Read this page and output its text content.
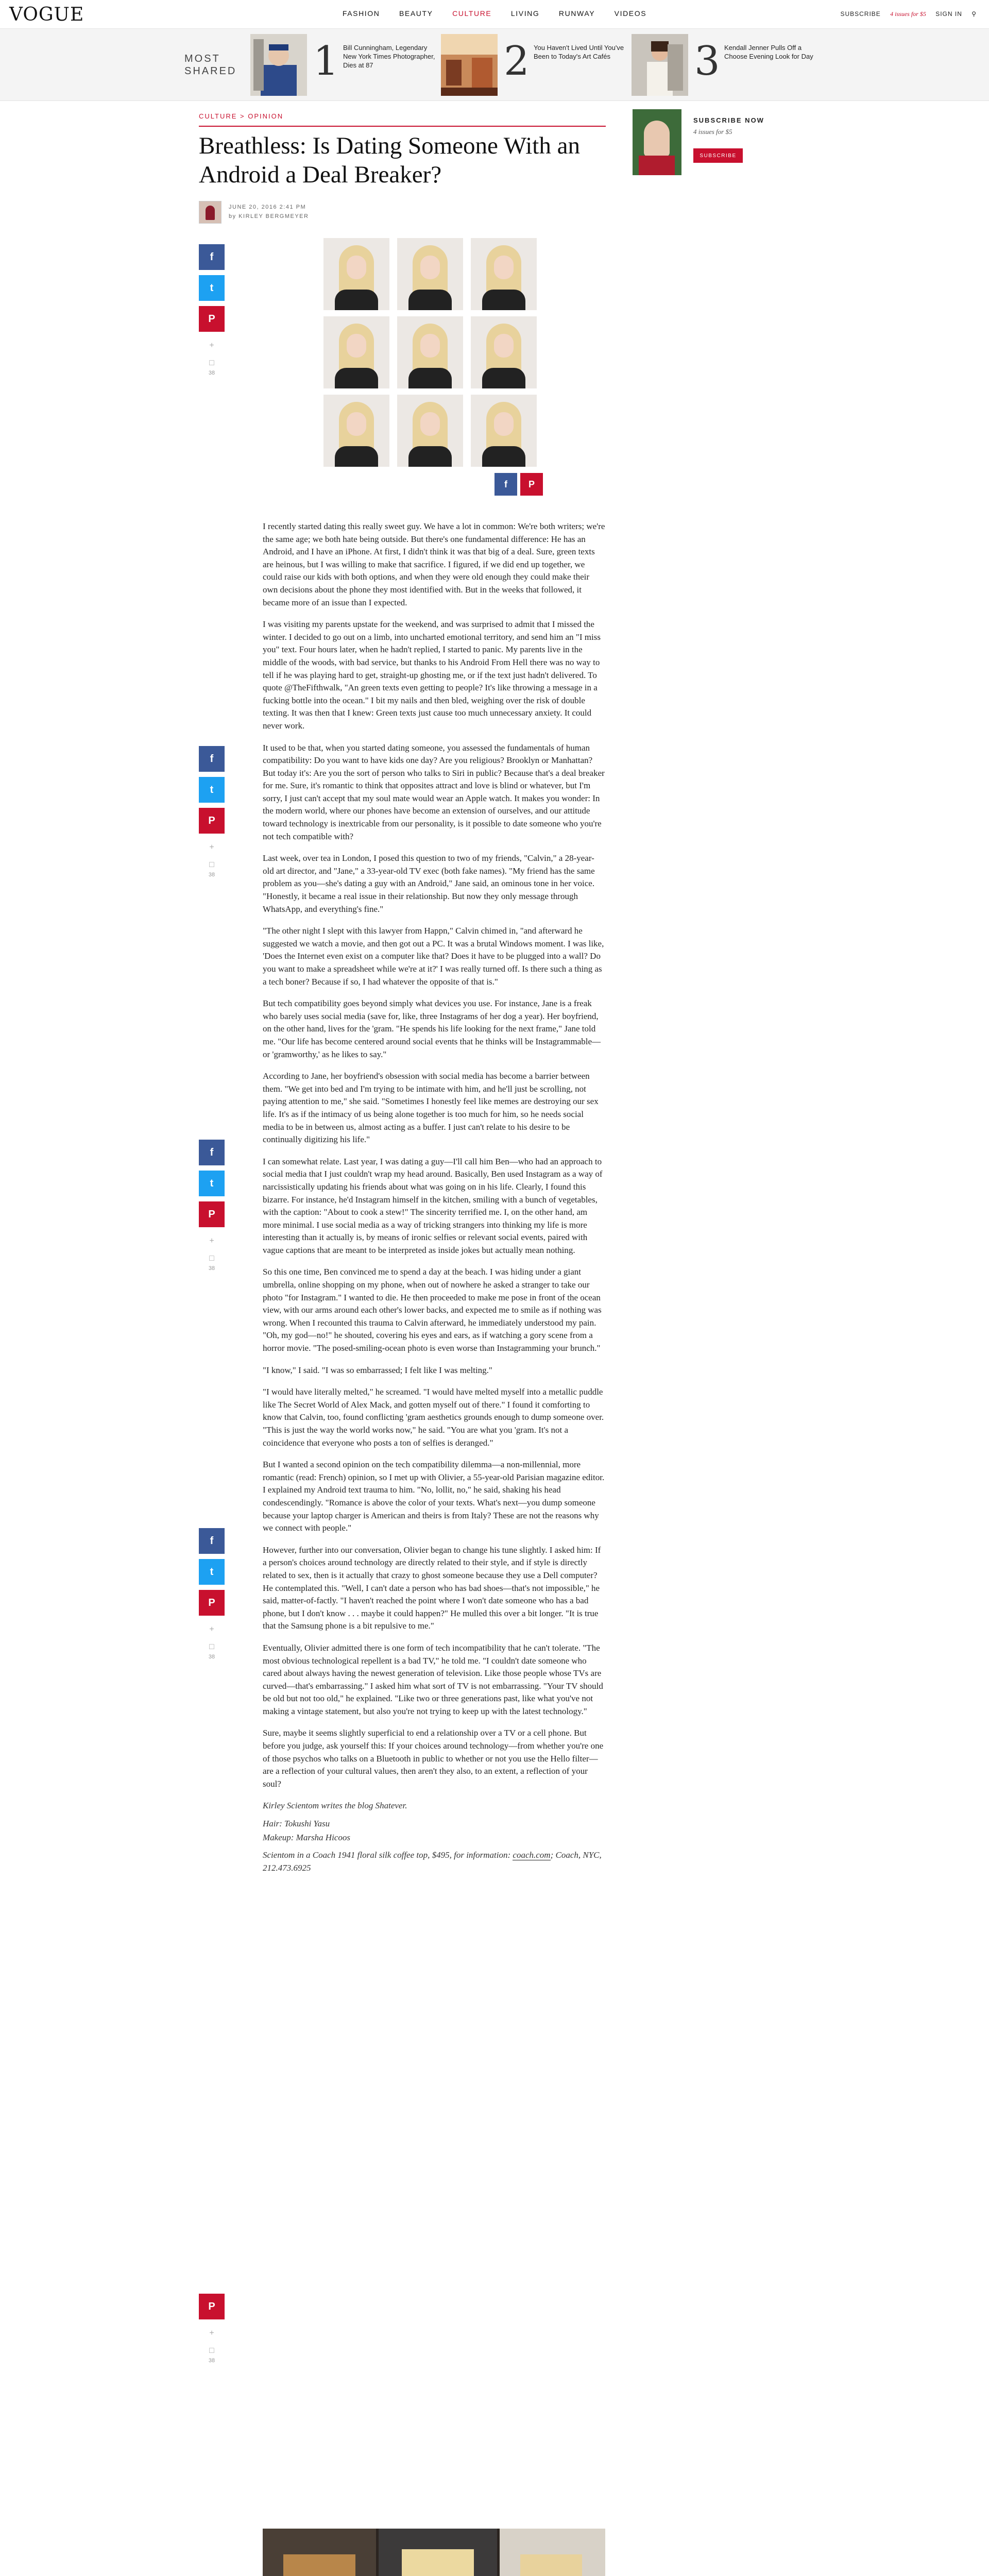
VOGUE	FASHION	BEAUTY	CULTURE	LIVING	RUNWAY	VIDEOS	SUBSCRIBE 4 issues for $5 SIGN IN ⚲
MOST
SHARED 1 Bill Cunningham, Legendary New York Times Photographer, Dies at 87	2 You Haven't Lived Until You've Been to Today's Art Cafés	3 Kendall Jenner Pulls Off a Choose Evening Look for Day
CULTURE > OPINION
Breathless: Is Dating Someone With an Android a Deal Breaker?
JUNE 20, 2016 2:41 PM
by KIRLEY BERGMEYER
f
t
P
+
□
38
f
t
P
+
□
38
f
t
P
+
□
38
f
t
P
+
□
38
P
+
□
38
f P
SUBSCRIBE NOW
4 issues for $5
SUBSCRIBE

I recently started dating this really sweet guy. We have a lot in common: We're both writers; we're the same age; we both hate being outside. But there's one fundamental difference: He has an Android, and I have an iPhone. At first, I didn't think it was that big of a deal. Sure, green texts are heinous, but I was willing to make that sacrifice. I figured, if we did end up together, we could raise our kids with both options, and when they were old enough they could make their own decisions about the phone they most identified with. But in the weeks that followed, it became more of an issue than I expected.

I was visiting my parents upstate for the weekend, and was surprised to admit that I missed the winter. I decided to go out on a limb, into uncharted emotional territory, and send him an "I miss you" text. Four hours later, when he hadn't replied, I started to panic. My parents live in the middle of the woods, with bad service, but thanks to his Android From Hell there was no way to tell if he was playing hard to get, straight-up ghosting me, or if the text just hadn't delivered. To quote @TheFifthwalk, "An green texts even getting to people? It's like throwing a message in a fucking bottle into the ocean." I bit my nails and then bled, weighing over the risk of double texting. It was then that I knew: Green texts just cause too much unnecessary anxiety. It could never work.

It used to be that, when you started dating someone, you assessed the fundamentals of human compatibility: Do you want to have kids one day? Are you religious? Brooklyn or Manhattan? But today it's: Are you the sort of person who talks to Siri in public? Because that's a deal breaker for me. Sure, it's romantic to think that opposites attract and love is blind or whatever, but I'm sorry, I just can't accept that my soul mate would wear an Apple watch. It makes you wonder: In the modern world, where our phones have become an extension of ourselves, and our attitude toward technology is inextricable from our personality, is it possible to date someone who you're not tech compatible with?

Last week, over tea in London, I posed this question to two of my friends, "Calvin," a 28-year-old art director, and "Jane," a 33-year-old TV exec (both fake names). "My friend has the same problem as you—she's dating a guy with an Android," Jane said, an ominous tone in her voice. "Honestly, it became a real issue in their relationship. But now they only message through WhatsApp, and everything's fine."

"The other night I slept with this lawyer from Happn," Calvin chimed in, "and afterward he suggested we watch a movie, and then got out a PC. It was a brutal Windows moment. I was like, 'Does the Internet even exist on a computer like that? Does it have to be plugged into a wall? Do you want to make a spreadsheet while we're at it?' I was really turned off. Is there such a thing as a tech boner? Because if so, I had whatever the opposite of that is."

But tech compatibility goes beyond simply what devices you use. For instance, Jane is a freak who barely uses social media (save for, like, three Instagrams of her dog a year). Her boyfriend, on the other hand, lives for the 'gram. "He spends his life looking for the next frame," Jane told me. "Our life has become centered around social events that he thinks will be Instagrammable—or 'gramworthy,' as he likes to say."

According to Jane, her boyfriend's obsession with social media has become a barrier between them. "We get into bed and I'm trying to be intimate with him, and he'll just be scrolling, not paying attention to me," she said. "Sometimes I honestly feel like memes are destroying our sex life. It's as if the intimacy of us being alone together is too much for him, so he needs social media to be in between us, almost acting as a buffer. I just can't relate to his desire to be continually digitizing his life."

I can somewhat relate. Last year, I was dating a guy—I'll call him Ben—who had an approach to social media that I just couldn't wrap my head around. Basically, Ben used Instagram as a way of narcissistically updating his friends about what was going on in his life. Clearly, I found this bizarre. For instance, he'd Instagram himself in the kitchen, smiling with a bunch of vegetables, with the caption: "About to cook a stew!" The sincerity terrified me. I, on the other hand, am more minimal. I use social media as a way of tricking strangers into thinking my life is more interesting than it actually is, by means of ironic selfies or relevant social events, paired with vague captions that are meant to be interpreted as inside jokes but actually mean nothing.

So this one time, Ben convinced me to spend a day at the beach. I was hiding under a giant umbrella, online shopping on my phone, when out of nowhere he asked a stranger to take our photo "for Instagram." I wanted to die. He then proceeded to make me pose in front of the ocean view, with our arms around each other's lower backs, and expected me to smile as if nothing was wrong. When I recounted this trauma to Calvin afterward, he immediately understood my pain. "Oh, my god—no!" he shouted, covering his eyes and ears, as if watching a gory scene from a horror movie. "The posed-smiling-ocean photo is even worse than Instagramming your brunch."

"I know," I said. "I was so embarrassed; I felt like I was melting."

"I would have literally melted," he screamed. "I would have melted myself into a metallic puddle like The Secret World of Alex Mack, and gotten myself out of there." I found it comforting to know that Calvin, too, found conflicting 'gram aesthetics grounds enough to dump someone over. "This is just the way the world works now," he said. "You are what you 'gram. It's not a coincidence that everyone who posts a ton of selfies is deranged."

But I wanted a second opinion on the tech compatibility dilemma—a non-millennial, more romantic (read: French) opinion, so I met up with Olivier, a 55-year-old Parisian magazine editor. I explained my Android text trauma to him. "No, lollit, no," he said, shaking his head condescendingly. "Romance is above the color of your texts. What's next—you dump someone because your laptop charger is American and theirs is from Italy? These are not the reasons why we connect with people."

However, further into our conversation, Olivier began to change his tune slightly. I asked him: If a person's choices around technology are directly related to their style, and if style is directly related to sex, then is it actually that crazy to ghost someone because they use a Dell computer? He contemplated this. "Well, I can't date a person who has bad shoes—that's not impossible," he said, matter-of-factly. "I haven't reached the point where I won't date someone who has a bad phone, but I don't know . . . maybe it could happen?" He mulled this over a bit longer. "It is true that the Samsung phone is a bit repulsive to me."

Eventually, Olivier admitted there is one form of tech incompatibility that he can't tolerate. "The most obvious technological repellent is a bad TV," he told me. "I couldn't date someone who cared about always having the newest generation of television. Like those people whose TVs are curved—that's embarrassing." I asked him what sort of TV is not embarrassing. "Your TV should be old but not too old," he explained. "Like two or three generations past, like what you've not making a vintage statement, but also you're not trying to keep up with the latest technology."

Sure, maybe it seems slightly superficial to end a relationship over a TV or a cell phone. But before you judge, ask yourself this: If your choices around technology—from whether you're one of those psychos who talks on a Bluetooth in public to whether or not you use the Hello filter—are a reflection of your cultural values, then aren't they also, to an extent, a reflection of your soul?

Kirley Scientom writes the blog Shatever.

Hair: Tokushi Yasu

Makeup: Marsha Hicoos

Scientom in a Coach 1941 floral silk coffee top, $495, for information: coach.com; Coach, NYC, 212.473.6925
